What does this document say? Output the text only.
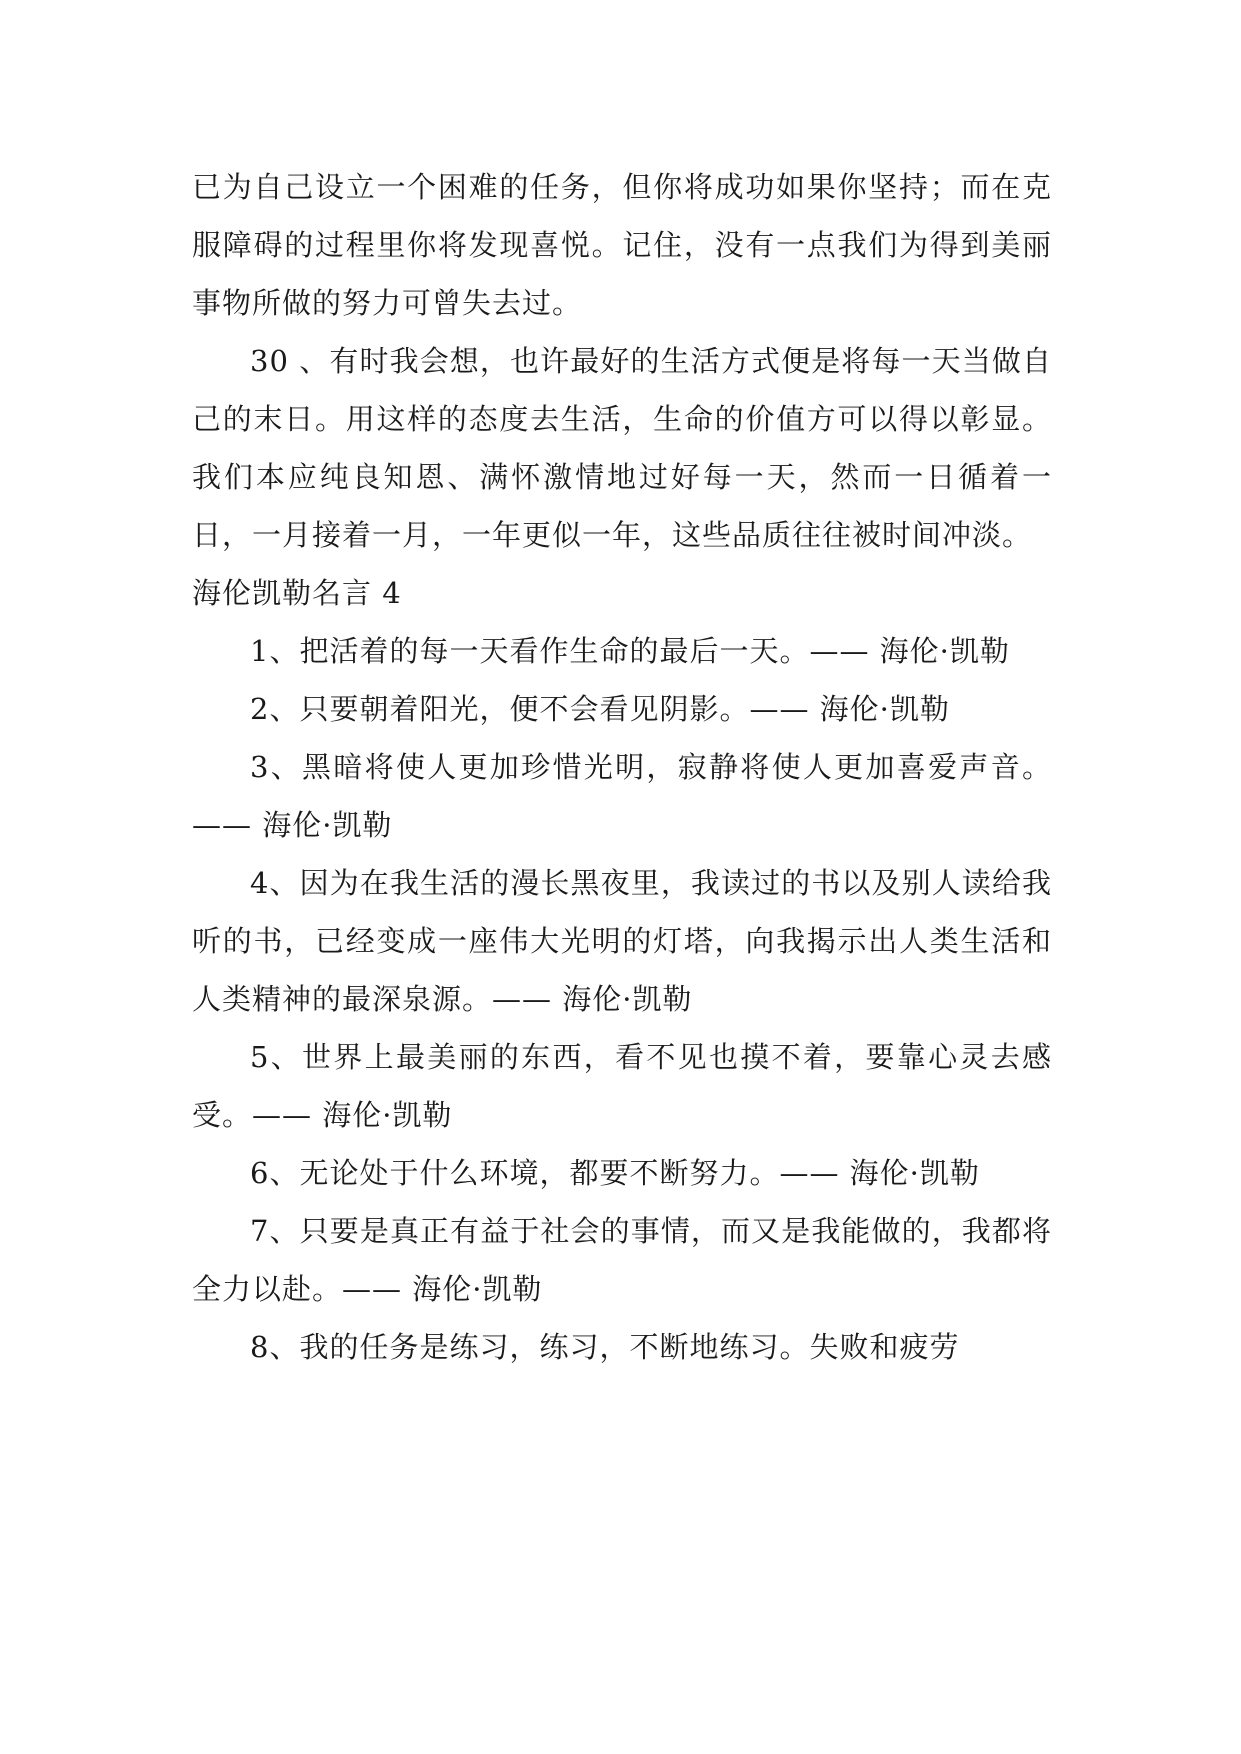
已为自己设立一个困难的任务，但你将成功如果你坚持；而在克服障碍的过程里你将发现喜悦。记住，没有一点我们为得到美丽事物所做的努力可曾失去过。

30 、有时我会想，也许最好的生活方式便是将每一天当做自己的末日。用这样的态度去生活，生命的价值方可以得以彰显。我们本应纯良知恩、满怀激情地过好每一天，然而一日循着一日，一月接着一月，一年更似一年，这些品质往往被时间冲淡。

海伦凯勒名言 4

1、把活着的每一天看作生命的最后一天。—— 海伦·凯勒

2、只要朝着阳光，便不会看见阴影。—— 海伦·凯勒

3、黑暗将使人更加珍惜光明，寂静将使人更加喜爱声音。—— 海伦·凯勒

4、因为在我生活的漫长黑夜里，我读过的书以及别人读给我听的书，已经变成一座伟大光明的灯塔，向我揭示出人类生活和人类精神的最深泉源。—— 海伦·凯勒

5、世界上最美丽的东西，看不见也摸不着，要靠心灵去感受。—— 海伦·凯勒

6、无论处于什么环境，都要不断努力。—— 海伦·凯勒

7、只要是真正有益于社会的事情，而又是我能做的，我都将全力以赴。—— 海伦·凯勒

8、我的任务是练习，练习，不断地练习。失败和疲劳
